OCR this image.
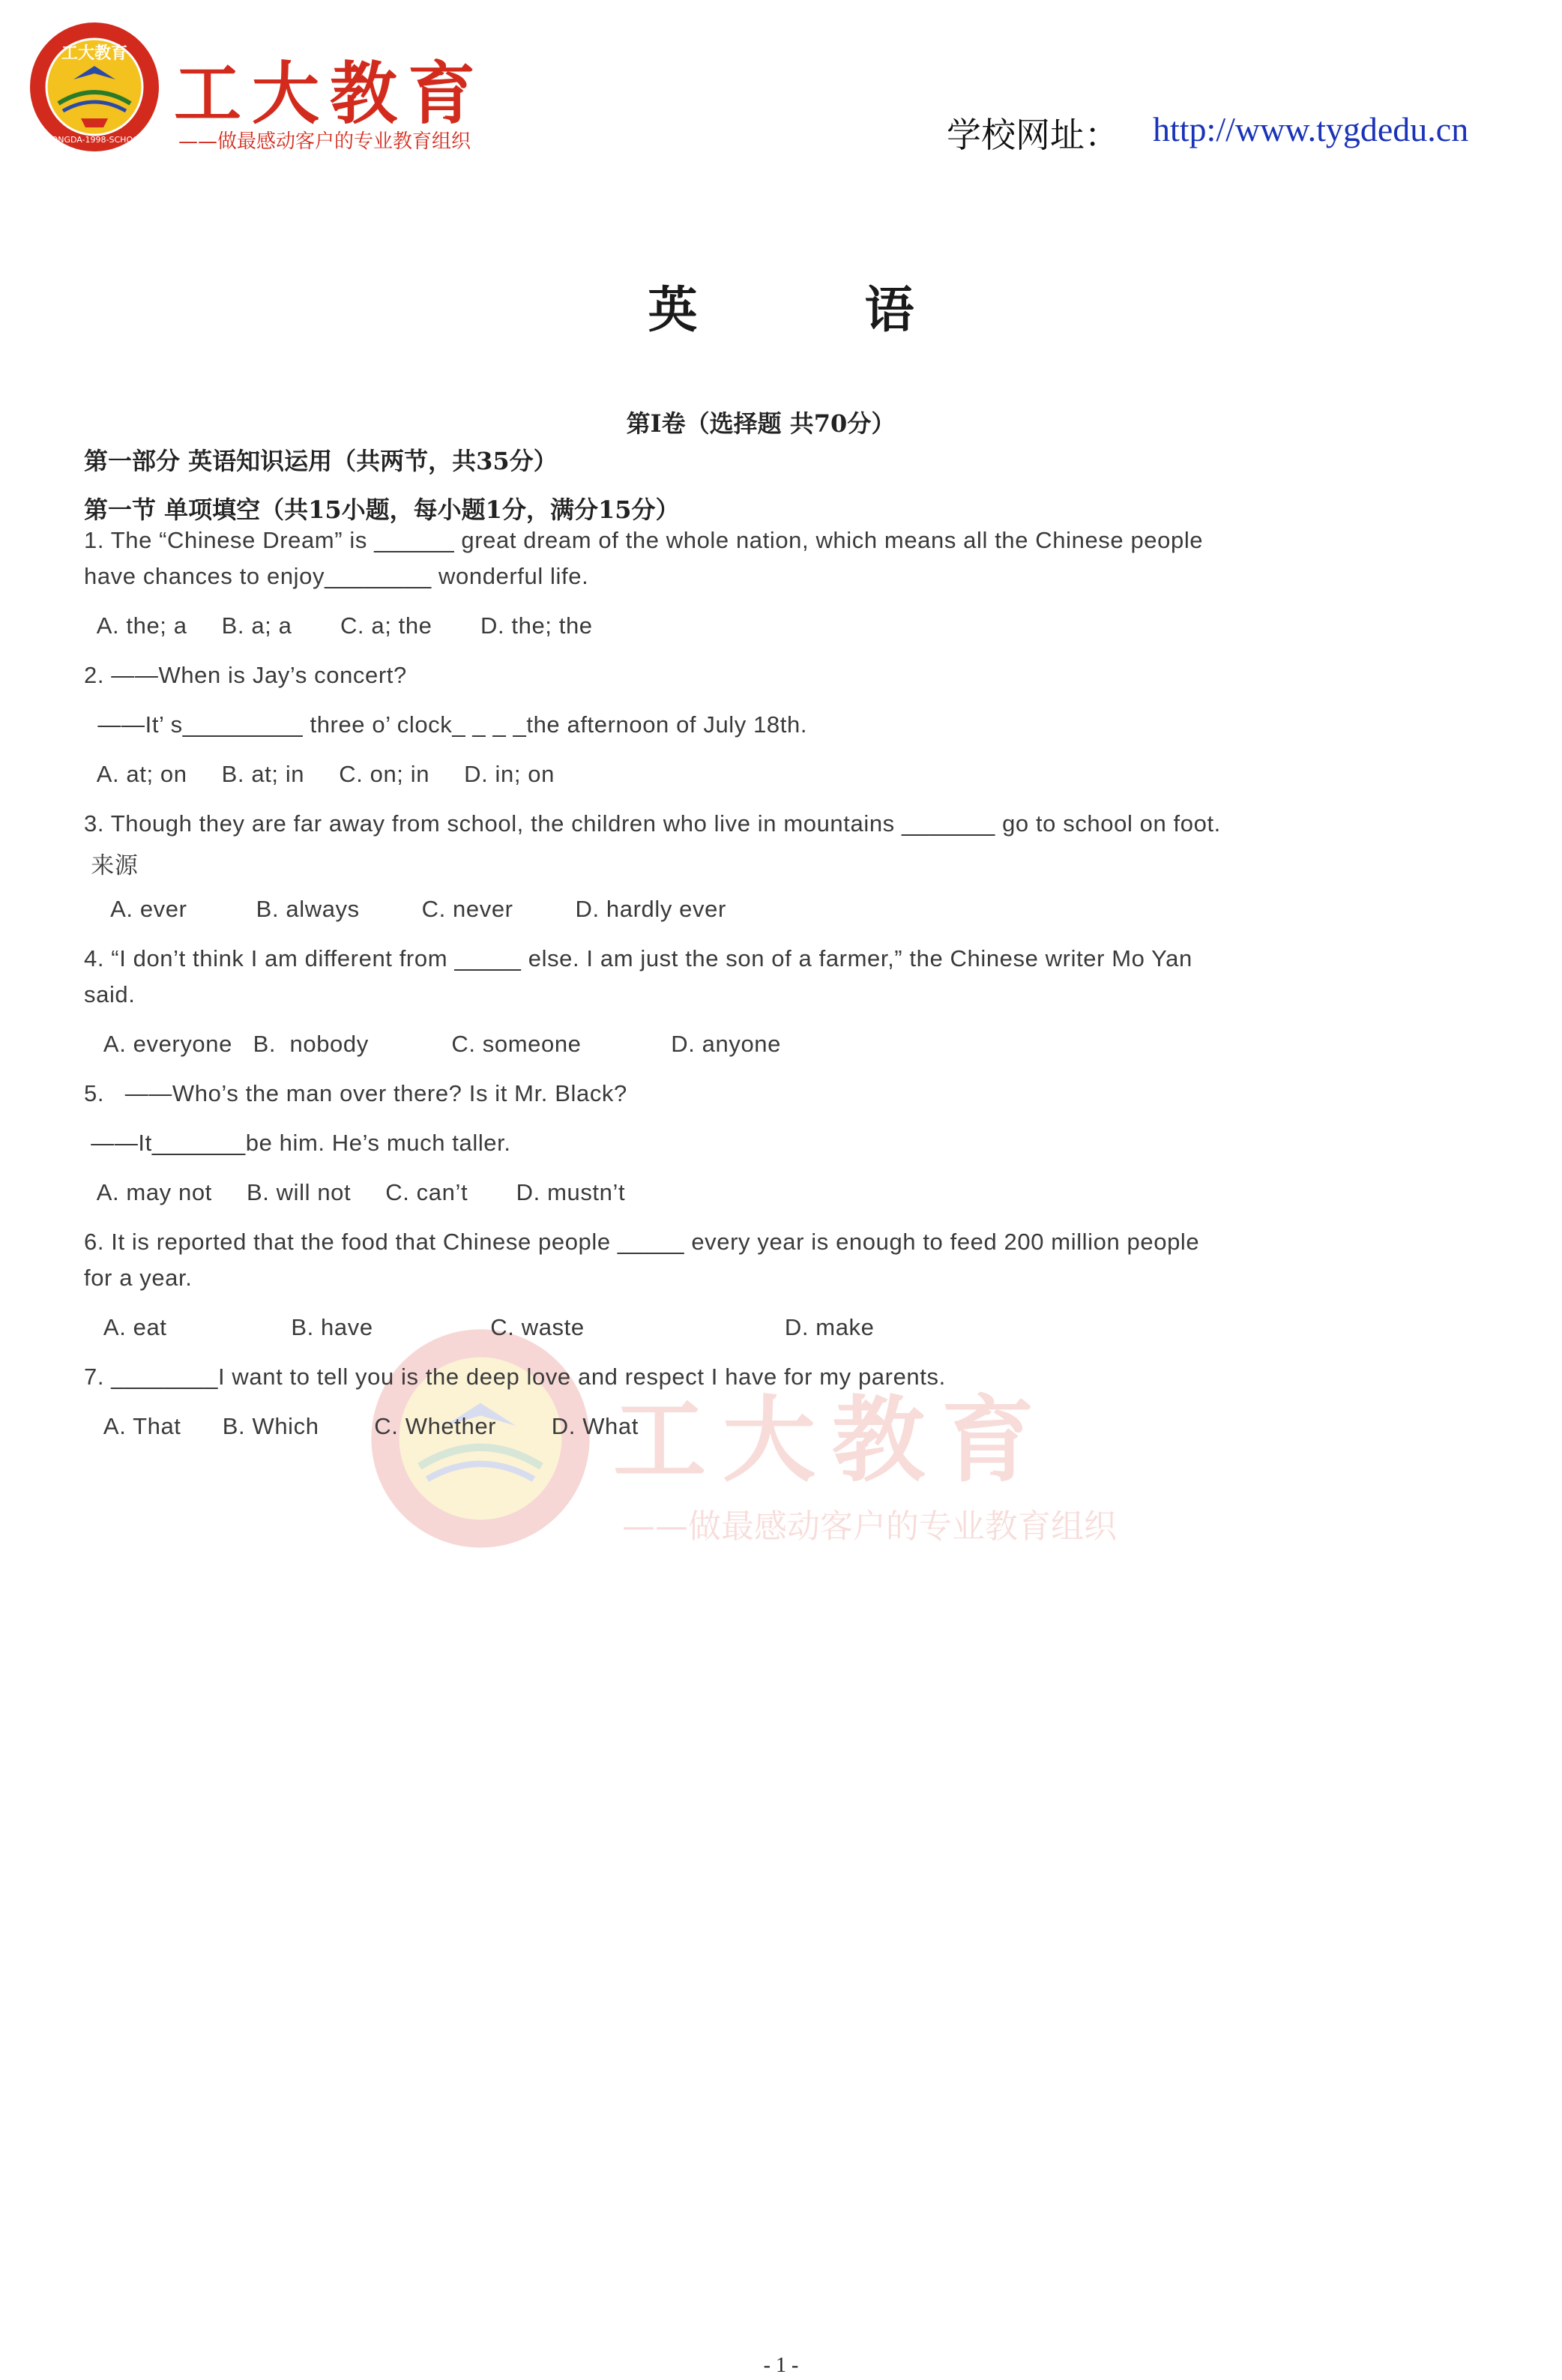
工大教育
GONGDA-1998-SCHOOL
工大教育
——做最感动客户的专业教育组织	学校网址： http://www.tygdedu.cn
工大教育
——做最感动客户的专业教育组织
英 语
第Ⅰ卷（选择题 共70分）
第一部分 英语知识运用（共两节，共35分）
第一节 单项填空（共15小题，每小题1分，满分15分）
1. The “Chinese Dream” is ______ great dream of the whole nation, which means all the Chinese people
have chances to enjoy________ wonderful life.
A. the; a     B. a; a       C. a; the       D. the; the
2. ——When is Jay’s concert?
——It’ s_________ three o’ clock_ _ _ _the afternoon of July 18th.
A. at; on     B. at; in     C. on; in     D. in; on
3. Though they are far away from school, the children who live in mountains _______ go to school on foot.
来源
A. ever          B. always         C. never         D. hardly ever
4. “I don’t think I am different from _____ else. I am just the son of a farmer,” the Chinese writer Mo Yan
said.
A. everyone   B.  nobody            C. someone             D. anyone
5.   ——Who’s the man over there? Is it Mr. Black?
——It_______be him. He’s much taller.
A. may not     B. will not     C. can’t       D. mustn’t
6. It is reported that the food that Chinese people _____ every year is enough to feed 200 million people
for a year.
A. eat                  B. have                 C. waste                             D. make
7. ________I want to tell you is the deep love and respect I have for my parents.
A. That      B. Which        C. Whether        D. What
- 1 -
